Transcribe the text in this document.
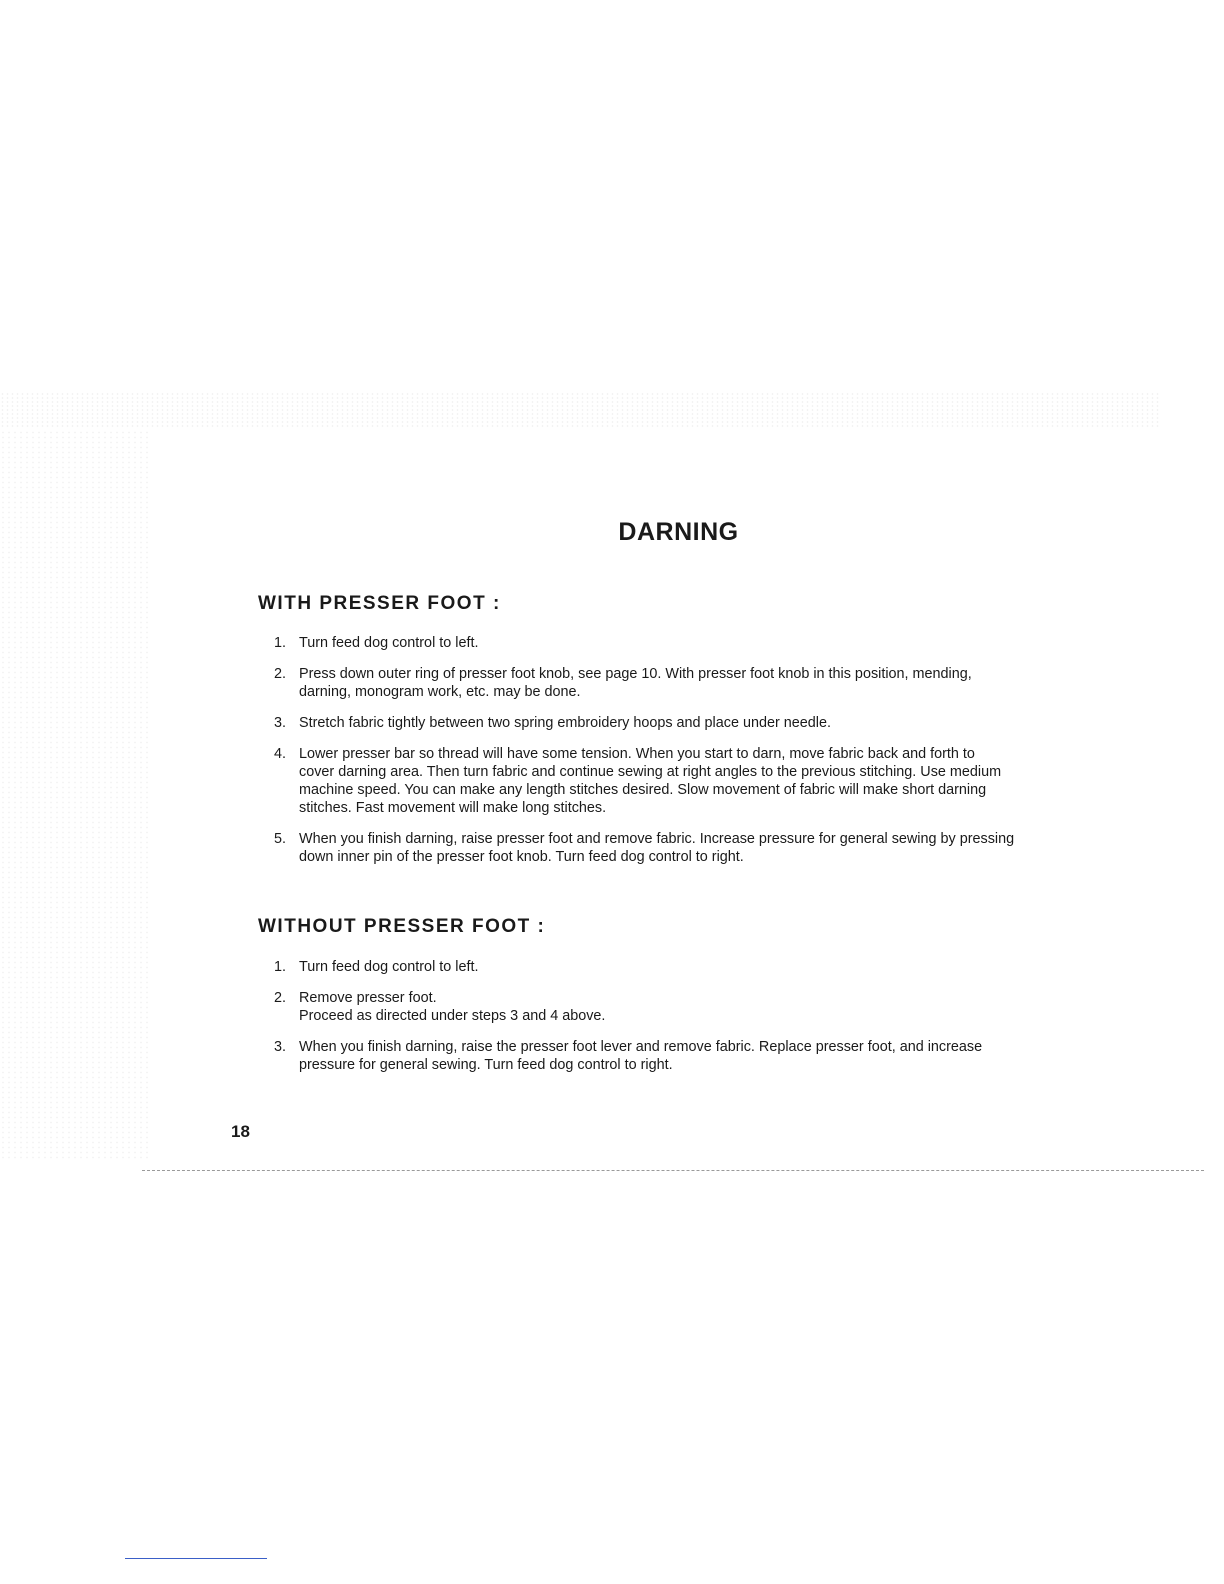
DARNING
WITH PRESSER FOOT :
1. Turn feed dog control to left.
2. Press down outer ring of presser foot knob, see page 10. With presser foot knob in this position, mending,
darning, monogram work, etc. may be done.
3. Stretch fabric tightly between two spring embroidery hoops and place under needle.
4. Lower presser bar so thread will have some tension. When you start to darn, move fabric back and forth to
cover darning area. Then turn fabric and continue sewing at right angles to the previous stitching. Use medium
machine speed. You can make any length stitches desired. Slow movement of fabric will make short darning
stitches. Fast movement will make long stitches.
5. When you finish darning, raise presser foot and remove fabric. Increase pressure for general sewing by pressing
down inner pin of the presser foot knob. Turn feed dog control to right.
WITHOUT PRESSER FOOT :
1. Turn feed dog control to left.
2. Remove presser foot.
Proceed as directed under steps 3 and 4 above.
3. When you finish darning, raise the presser foot lever and remove fabric. Replace presser foot, and increase
pressure for general sewing. Turn feed dog control to right.

18
